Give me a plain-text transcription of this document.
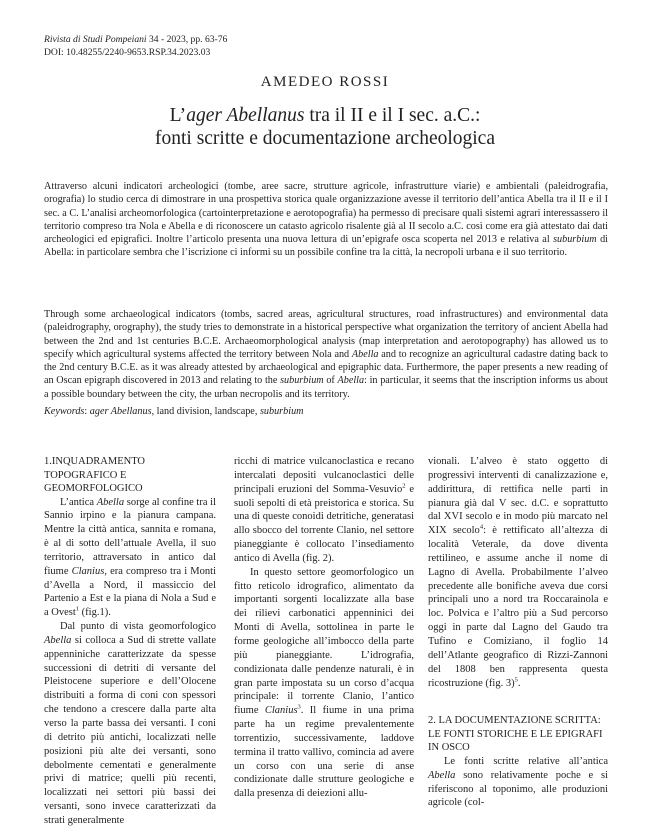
Rivista di Studi Pompeiani 34 - 2023, pp. 63-76
DOI: 10.48255/2240-9653.RSP.34.2023.03
AMEDEO ROSSI
L’ager Abellanus tra il II e il I sec. a.C.:
fonti scritte e documentazione archeologica
Attraverso alcuni indicatori archeologici (tombe, aree sacre, strutture agricole, infrastrutture viarie) e ambientali (paleidrografia, orografia) lo studio cerca di dimostrare in una prospettiva storica quale organizzazione avesse il territorio dell’antica Abella tra il II e il I sec. a C. L’analisi archeomorfologica (cartointerpretazione e aerotopografia) ha permesso di precisare quali sistemi agrari interessassero il territorio compreso tra Nola e Abella e di riconoscere un catasto agricolo risalente già al II secolo a.C. così come era già attestato dai dati archeologici ed epigrafici. Inoltre l’articolo presenta una nuova lettura di un’epigrafe osca scoperta nel 2013 e relativa al suburbium di Abella: in particolare sembra che l’iscrizione ci informi su un possibile confine tra la città, la necropoli urbana e il suo territorio.
Through some archaeological indicators (tombs, sacred areas, agricultural structures, road infrastructures) and environmental data (paleidrography, orography), the study tries to demonstrate in a historical perspective what organization the territory of ancient Abella had between the 2nd and 1st centuries B.C.E. Archaeomorphological analysis (map interpretation and aerotopography) has allowed us to specify which agricultural systems affected the territory between Nola and Abella and to recognize an agricultural cadastre dating back to the 2nd century B.C.E. as it was already attested by archaeological and epigraphic data. Furthermore, the paper presents a new reading of an Oscan epigraph discovered in 2013 and relating to the suburbium of Abella: in particular, it seems that the inscription informs us about a possible boundary between the city, the urban necropolis and its territory.
Keywords: ager Abellanus, land division, landscape, suburbium

1.INQUADRAMENTO TOPOGRAFICO E GEOMORFOLOGICO

L’antica Abella sorge al confine tra il Sannio irpino e la pianura campana. Mentre la città antica, sannita e romana, è al di sotto dell’attuale Avella, il suo territorio, attraversato in antico dal fiume Clanius, era compreso tra i Monti d’Avella a Nord, il massiccio del Partenio a Est e la piana di Nola a Sud e a Ovest$^1$ (fig.1).

Dal punto di vista geomorfologico Abella si colloca a Sud di strette vallate appenniniche caratterizzate da spesse successioni di detriti di versante del Pleistocene superiore e dell’Olocene distribuiti a forma di coni con spessori che tendono a crescere dalla parte alta verso la parte bassa dei versanti. I coni di detrito più antichi, localizzati nelle posizioni più alte dei versanti, sono debolmente cementati e generalmente privi di matrice; quelli più recenti, localizzati nei settori più bassi dei versanti, sono invece caratterizzati da strati generalmente

ricchi di matrice vulcanoclastica e recano intercalati depositi vulcanoclastici delle principali eruzioni del Somma-Vesuvio$^2$ e suoli sepolti di età preistorica e storica. Su una di queste conoidi detritiche, generatasi allo sbocco del torrente Clanio, nel settore pianeggiante è collocato l’insediamento antico di Avella (fig. 2).

In questo settore geomorfologico un fitto reticolo idrografico, alimentato da importanti sorgenti localizzate alla base dei rilievi carbonatici appenninici dei Monti di Avella, sottolinea in parte le forme geologiche all’imbocco della parte più pianeggiante. L’idrografia, condizionata dalle pendenze naturali, è in gran parte impostata su un corso d’acqua principale: il torrente Clanio, l’antico fiume Clanius$^3$. Il fiume in una prima parte ha un regime prevalentemente torrentizio, successivamente, laddove termina il tratto vallivo, comincia ad avere un corso con una serie di anse condizionate dalle strutture geologiche e dalla presenza di deiezioni allu-

vionali. L’alveo è stato oggetto di progressivi interventi di canalizzazione e, addirittura, di rettifica nelle parti in pianura già dal V sec. d.C. e soprattutto dal XVI secolo e in modo più marcato nel XIX secolo$^4$: è rettificato all’altezza di località Veterale, da dove diventa rettilineo, e assume anche il nome di Lagno di Avella. Probabilmente l’alveo precedente alle bonifiche aveva due corsi principali uno a nord tra Roccarainola e loc. Polvica e l’altro più a Sud percorso oggi in parte dal Lagno del Gaudo tra Tufino e Comiziano, il foglio 14 dell’Atlante geografico di Rizzi-Zannoni del 1808 ben rappresenta questa ricostruzione (fig. 3)$^5$.

2. LA DOCUMENTAZIONE SCRITTA: LE FONTI STORICHE E LE EPIGRAFI IN OSCO

Le fonti scritte relative all’antica Abella sono relativamente poche e si riferiscono al toponimo, alle produzioni agricole (col-
